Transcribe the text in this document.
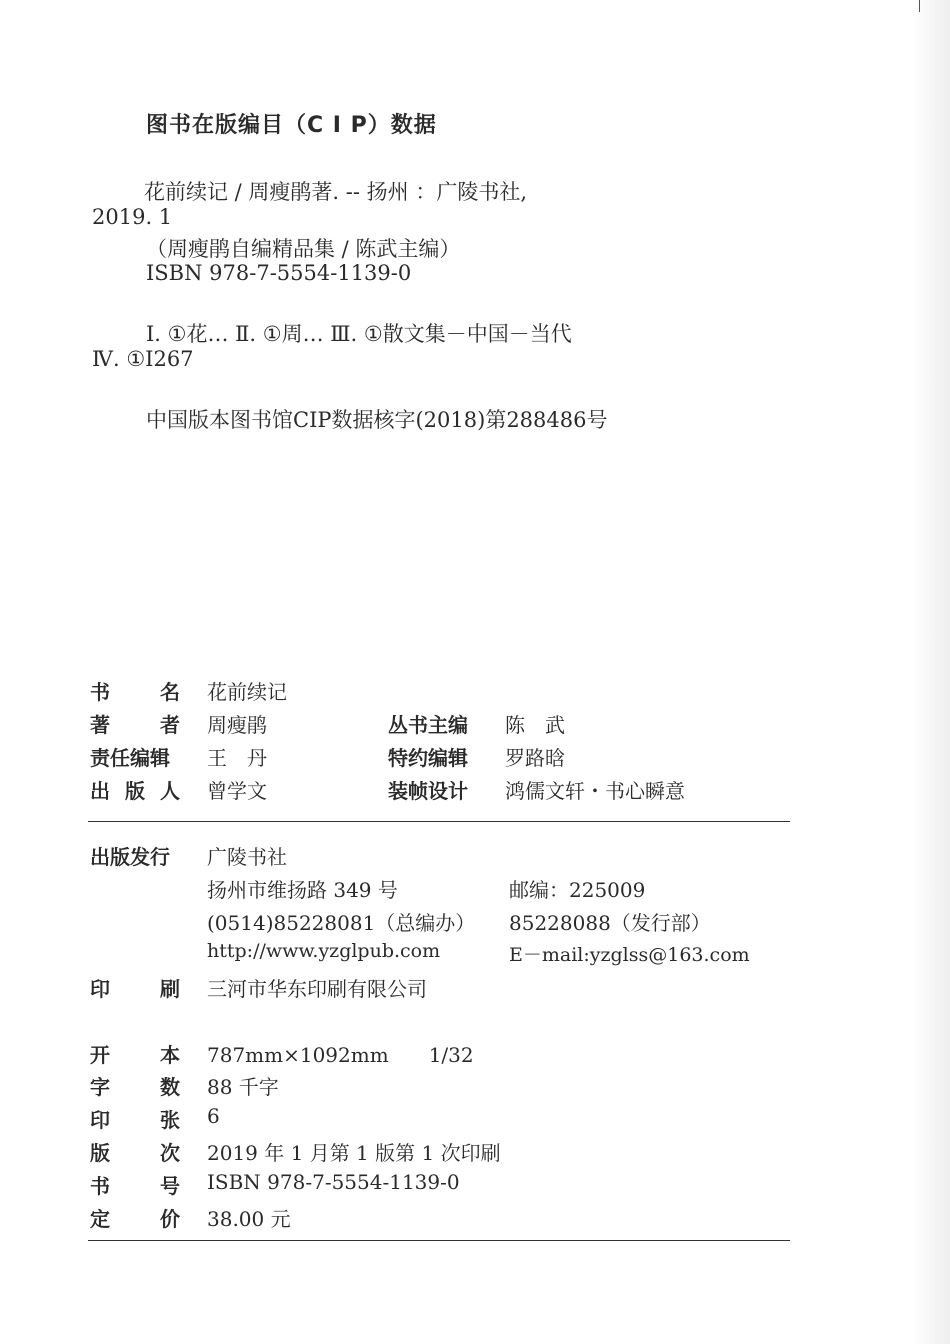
图书在版编目（C I P）数据
花前续记 / 周瘦鹃著. -- 扬州 ：广陵书社,
2019. 1
（周瘦鹃自编精品集 / 陈武主编）
ISBN 978-7-5554-1139-0
Ⅰ. ①花… Ⅱ. ①周… Ⅲ. ①散文集－中国－当代
Ⅳ. ①I267
中国版本图书馆CIP数据核字(2018)第288486号
书	名 花前续记
著	者 周瘦鹃	丛书主编 陈　武
责任编辑 王　丹	特约编辑 罗路晗
出 版 人 曾学文	装帧设计 鸿儒文轩・书心瞬意
出版发行 广陵书社
扬州市维扬路 349 号	邮编：225009
(0514)85228081（总编办） 85228088（发行部）
http://www.yzglpub.com	E－mail:yzglss@163.com
印	刷 三河市华东印刷有限公司
开	本 787mm×1092mm　　1/32
字	数 88 千字
印	张 6
版	次 2019 年 1 月第 1 版第 1 次印刷
书	号 ISBN 978-7-5554-1139-0
定	价 38.00 元
